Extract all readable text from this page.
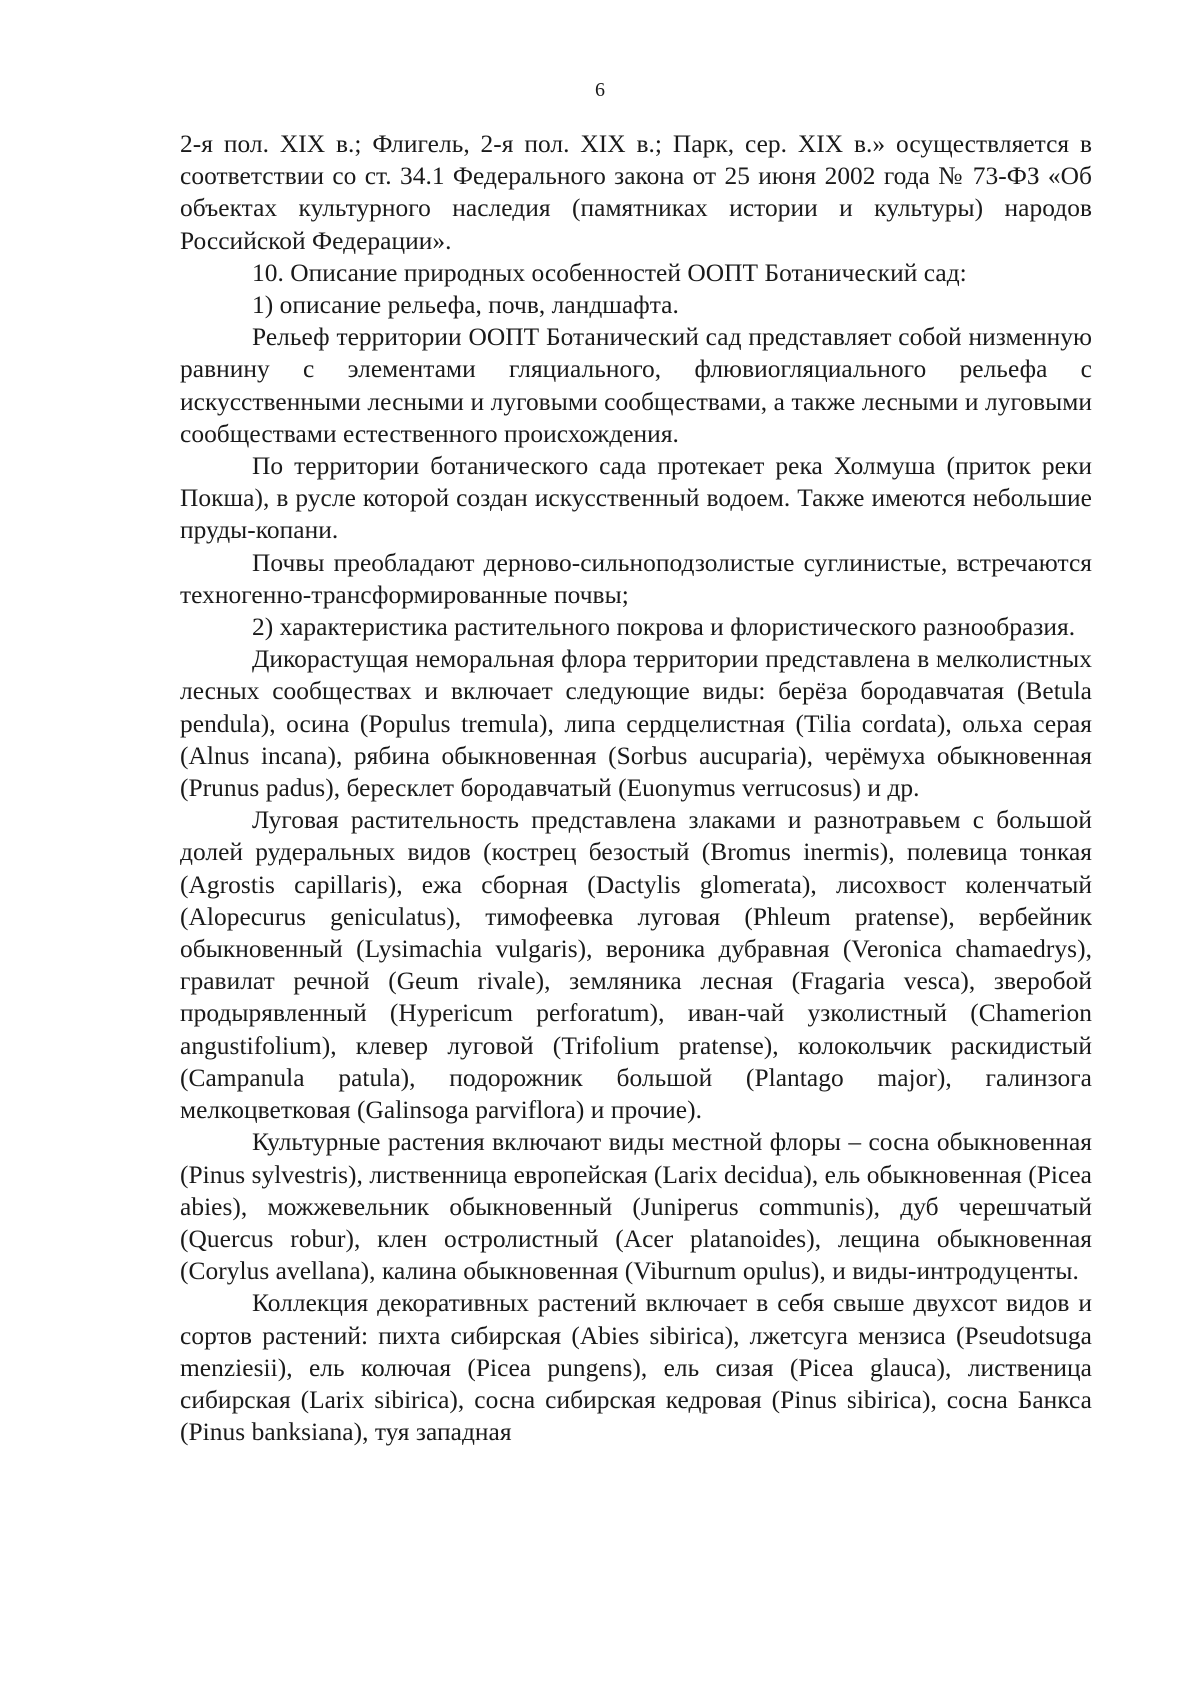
6

2-я пол. XIX в.; Флигель, 2-я пол. XIX в.; Парк, сер. XIX в.» осуществляется в соответствии со ст. 34.1 Федерального закона от 25 июня 2002 года № 73-ФЗ «Об объектах культурного наследия (памятниках истории и культуры) народов Российской Федерации».

10. Описание природных особенностей ООПТ Ботанический сад:

1) описание рельефа, почв, ландшафта.

Рельеф территории ООПТ Ботанический сад представляет собой низменную равнину с элементами гляциального, флювиогляциального рельефа с искусственными лесными и луговыми сообществами, а также лесными и луговыми сообществами естественного происхождения.

По территории ботанического сада протекает река Холмуша (приток реки Покша), в русле которой создан искусственный водоем. Также имеются небольшие пруды-копани.

Почвы преобладают дерново-сильноподзолистые суглинистые, встречаются техногенно-трансформированные почвы;

2) характеристика растительного покрова и флористического разнообразия.

Дикорастущая неморальная флора территории представлена в мелколистных лесных сообществах и включает следующие виды: берёза бородавчатая (Betula pendula), осина (Populus tremula), липа сердцелистная (Tilia cordata), ольха серая (Alnus incana), рябина обыкновенная (Sorbus aucuparia), черёмуха обыкновенная (Prunus padus), бересклет бородавчатый (Euonymus verrucosus) и др.

Луговая растительность представлена злаками и разнотравьем с большой долей рудеральных видов (кострец безостый (Bromus inermis), полевица тонкая (Agrostis capillaris), ежа сборная (Dactylis glomerata), лисохвост коленчатый (Alopecurus geniculatus), тимофеевка луговая (Phleum pratense), вербейник обыкновенный (Lysimachia vulgaris), вероника дубравная (Veronica chamaedrys), гравилат речной (Geum rivale), земляника лесная (Fragaria vesca), зверобой продырявленный (Hypericum perforatum), иван-чай узколистный (Chamerion angustifolium), клевер луговой (Trifolium pratense), колокольчик раскидистый (Campanula patula), подорожник большой (Plantago major), галинзога мелкоцветковая (Galinsoga parviflora) и прочие).

Культурные растения включают виды местной флоры – сосна обыкновенная (Pinus sylvestris), лиственница европейская (Larix decidua), ель обыкновенная (Picea abies), можжевельник обыкновенный (Juniperus communis), дуб черешчатый (Quercus robur), клен остролистный (Acer platanoides), лещина обыкновенная (Corylus avellana), калина обыкновенная (Viburnum opulus), и виды-интродуценты.

Коллекция декоративных растений включает в себя свыше двухсот видов и сортов растений: пихта сибирская (Abies sibirica), лжетсуга мензиса (Pseudotsuga menziesii), ель колючая (Picea pungens), ель сизая (Picea glauca), лиственица сибирская (Larix sibirica), сосна сибирская кедровая (Pinus sibirica), сосна Банкса (Pinus banksiana), туя западная
